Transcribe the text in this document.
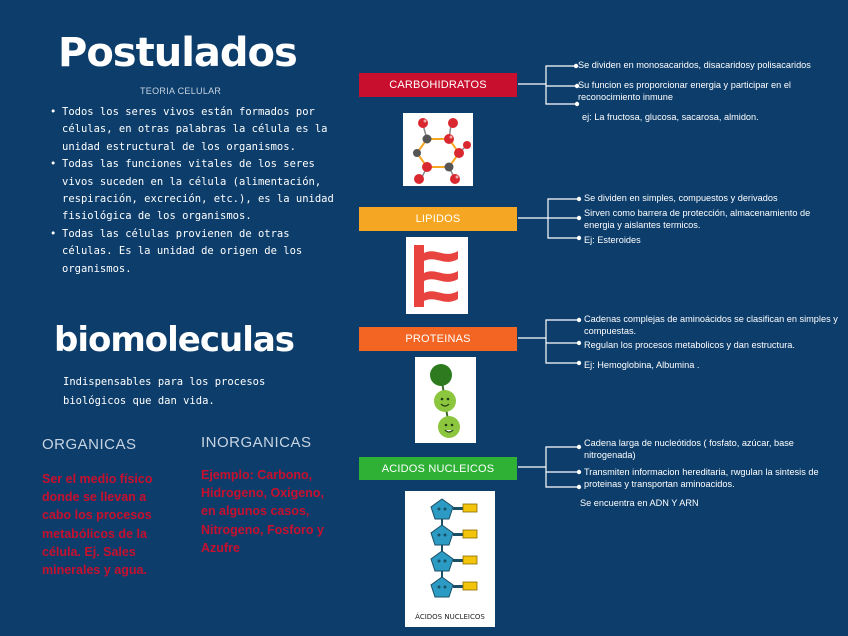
Postulados
TEORIA CELULAR
• Todos los seres vivos están formados por células, en otras palabras la célula es la unidad estructural de los organismos.
• Todas las funciones vitales de los seres vivos suceden en la célula (alimentación, respiración, excreción, etc.), es la unidad fisiológica de los organismos.
• Todas las células provienen de otras células. Es la unidad de origen de los organismos.
biomoleculas
Indispensables para los procesos biológicos que dan vida.
ORGANICAS	INORGANICAS
Ser el medio físico donde se llevan a cabo los procesos metabólicos de la célula. Ej. Sales minerales y agua.
Ejemplo: Carbono, Hidrogeno, Oxigeno, en algunos casos, Nitrogeno, Fosforo y Azufre
CARBOHIDRATOS
LIPIDOS
PROTEINAS
ACIDOS NUCLEICOS
Se dividen en monosacaridos, disacaridosy polisacaridos
Su funcion es proporcionar energia y participar en el reconocimiento inmune
ej: La fructosa, glucosa, sacarosa, almidon.
Se dividen en simples, compuestos y derivados
Sirven como barrera de protección, almacenamiento de energia y aislantes termicos.
Ej: Esteroides
Cadenas complejas de aminoácidos se clasifican en simples y compuestas.
Regulan los procesos metabolicos y dan estructura.
Ej: Hemoglobina, Albumina .
Cadena larga de nucleótidos ( fosfato, azúcar, base nitrogenada)
Transmiten informacion hereditaria, rwgulan la sintesis de proteinas y transportan aminoacidos.
Se encuentra en ADN Y ARN
ÁCIDOS NUCLEICOS
